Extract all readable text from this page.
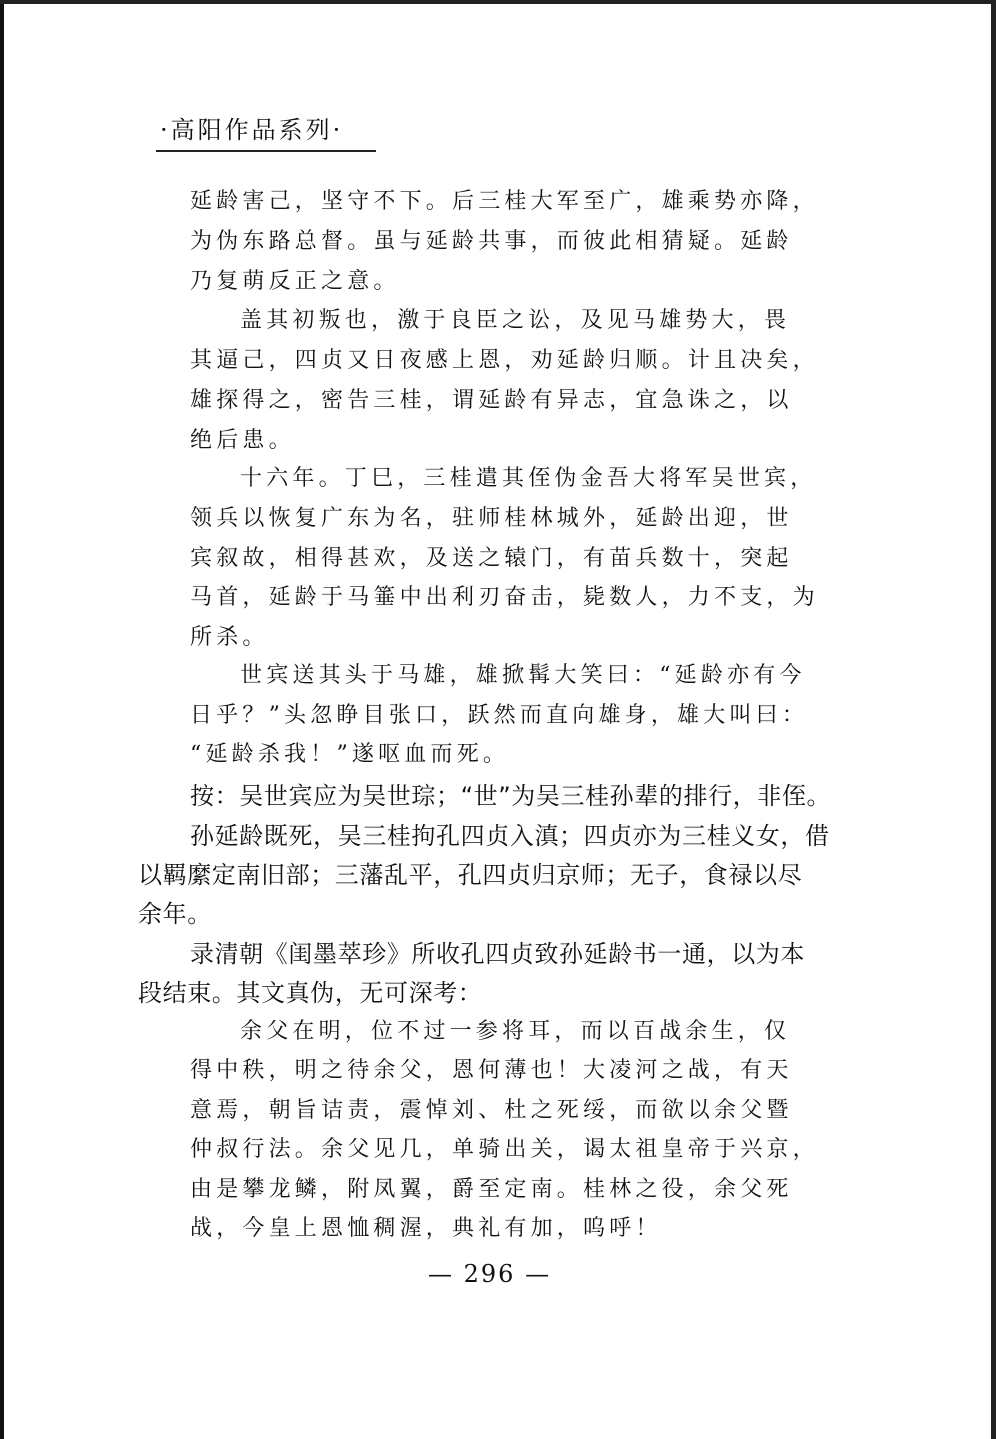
·高阳作品系列·

延龄害己，坚守不下。后三桂大军至广，雄乘势亦降，

为伪东路总督。虽与延龄共事，而彼此相猜疑。延龄

乃复萌反正之意。

盖其初叛也，激于良臣之讼，及见马雄势大，畏

其逼己，四贞又日夜感上恩，劝延龄归顺。计且决矣，

雄探得之，密告三桂，谓延龄有异志，宜急诛之，以

绝后患。

十六年。丁巳，三桂遣其侄伪金吾大将军吴世宾，

领兵以恢复广东为名，驻师桂林城外，延龄出迎，世

宾叙故，相得甚欢，及送之辕门，有苗兵数十，突起

马首，延龄于马箠中出利刃奋击，毙数人，力不支，为

所杀。

世宾送其头于马雄，雄掀髯大笑曰：“延龄亦有今

日乎？”头忽睁目张口，跃然而直向雄身，雄大叫曰：

“延龄杀我！”遂呕血而死。

按：吴世宾应为吴世琮；“世”为吴三桂孙辈的排行，非侄。

孙延龄既死，吴三桂拘孔四贞入滇；四贞亦为三桂义女，借

以羁縻定南旧部；三藩乱平，孔四贞归京师；无子，食禄以尽

余年。

录清朝《闺墨萃珍》所收孔四贞致孙延龄书一通，以为本

段结束。其文真伪，无可深考：

余父在明，位不过一参将耳，而以百战余生，仅

得中秩，明之待余父，恩何薄也！大凌河之战，有天

意焉，朝旨诘责，震悼刘、杜之死绥，而欲以余父暨

仲叔行法。余父见几，单骑出关，谒太祖皇帝于兴京，

由是攀龙鳞，附凤翼，爵至定南。桂林之役，余父死

战，今皇上恩恤稠渥，典礼有加，呜呼！

— 296 —
